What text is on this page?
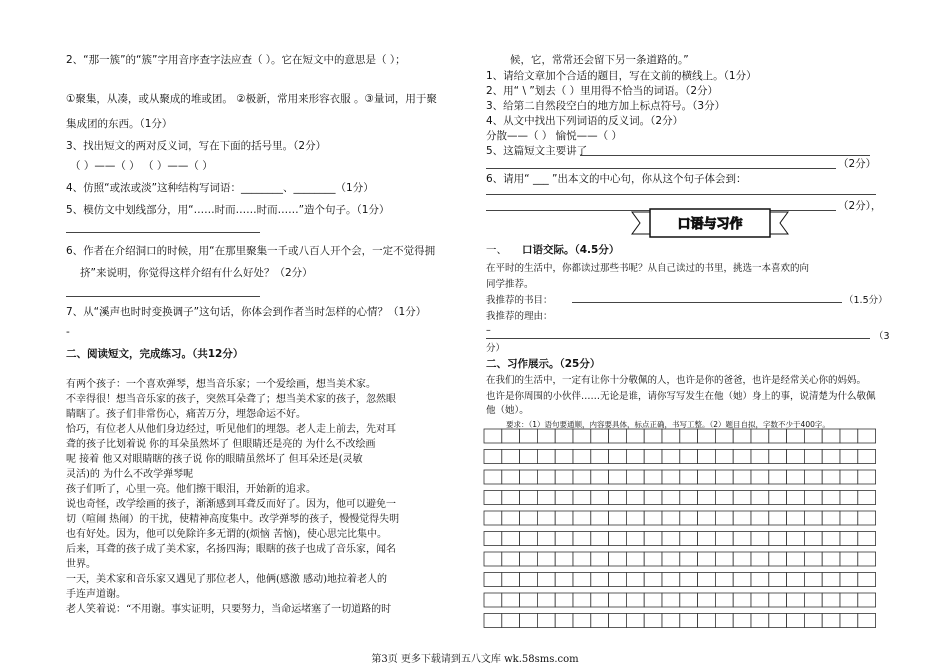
2、“那一簇”的“簇”字用音序查字法应查（ ）。它在短文中的意思是（ ）；
①聚集，从凑，或从聚成的堆或团。 ②极新，常用来形容衣服 。③量词，用于聚
集成团的东西。（1分）
3、找出短文的两对反义词，写在下面的括号里。（2分）
（ ）——（ ） （ ）——（ ）
4、仿照“或浓或淡”这种结构写词语：________、________（1分）
5、模仿文中划线部分，用“……时而……时而……”造个句子。（1分）
6、作者在介绍洞口的时候，用“在那里聚集一千或八百人开个会，一定不觉得拥
挤”来说明，你觉得这样介绍有什么好处？（2分）
7、从“溪声也时时变换调子”这句话，你体会到作者当时怎样的心情？（1分）
-
二、阅读短文，完成练习。（共12分）
有两个孩子：一个喜欢弹琴，想当音乐家；一个爱绘画，想当美术家。
不幸得很！想当音乐家的孩子，突然耳朵聋了；想当美术家的孩子，忽然眼
睛瞎了。孩子们非常伤心，痛苦万分，埋怨命运不好。
恰巧，有位老人从他们身边经过，听见他们的埋怨。老人走上前去，先对耳
聋的孩子比划着说 你的耳朵虽然坏了 但眼睛还是亮的 为什么不改绘画
呢 接着 他又对眼睛瞎的孩子说 你的眼睛虽然坏了 但耳朵还是(灵敏
灵活)的 为什么不改学弹琴呢
孩子们听了，心里一亮。他们擦干眼泪，开始新的追求。
说也奇怪，改学绘画的孩子，渐渐感到耳聋反而好了。因为，他可以避免一
切（喧闹 热闹）的干扰，使精神高度集中。改学弹琴的孩子，慢慢觉得失明
也有好处。因为，他可以免除许多无谓的(烦恼 苦恼)，使心思完比集中。
后来，耳聋的孩子成了美术家，名扬四海；眼瞎的孩子也成了音乐家，闻名
世界。
一天，美术家和音乐家又遇见了那位老人，他俩(感激 感动)地拉着老人的
手连声道谢。
老人笑着说：“不用谢。事实证明，只要努力，当命运堵塞了一切道路的时
候，它，常常还会留下另一条道路的。”
1、请给文章加个合适的题目，写在文前的横线上。（1分）
2、用“ \ ”划去（ ）里用得不恰当的词语。（2分）
3、给第二自然段空白的地方加上标点符号。（3分）
4、从文中找出下列词语的反义词。（2分）
分散——（ ） 愉悦——（ ）
5、这篇短文主要讲了
（2分）
6、请用“ ___ ”出本文的中心句，你从这个句子体会到：
（2分），
一、 口语交际。（4.5分）
在平时的生活中，你都读过那些书呢？从自己读过的书里，挑选一本喜欢的向
同学推荐。
我推荐的书目：	（1.5分）
我推荐的理由：
–
（3
分）
二、习作展示。（25分）
在我们的生活中，一定有让你十分敬佩的人，也许是你的爸爸，也许是经常关心你的妈妈。
也许是你周围的小伙伴……无论是谁，请你写写发生在他（她）身上的事，说清楚为什么敬佩
他（她）。
要求：（1）语句要通顺，内容要具体，标点正确，书写工整。（2）题目自拟，字数不少于400字。
口语与习作
第3页 更多下载请到五八文库 wk.58sms.com
